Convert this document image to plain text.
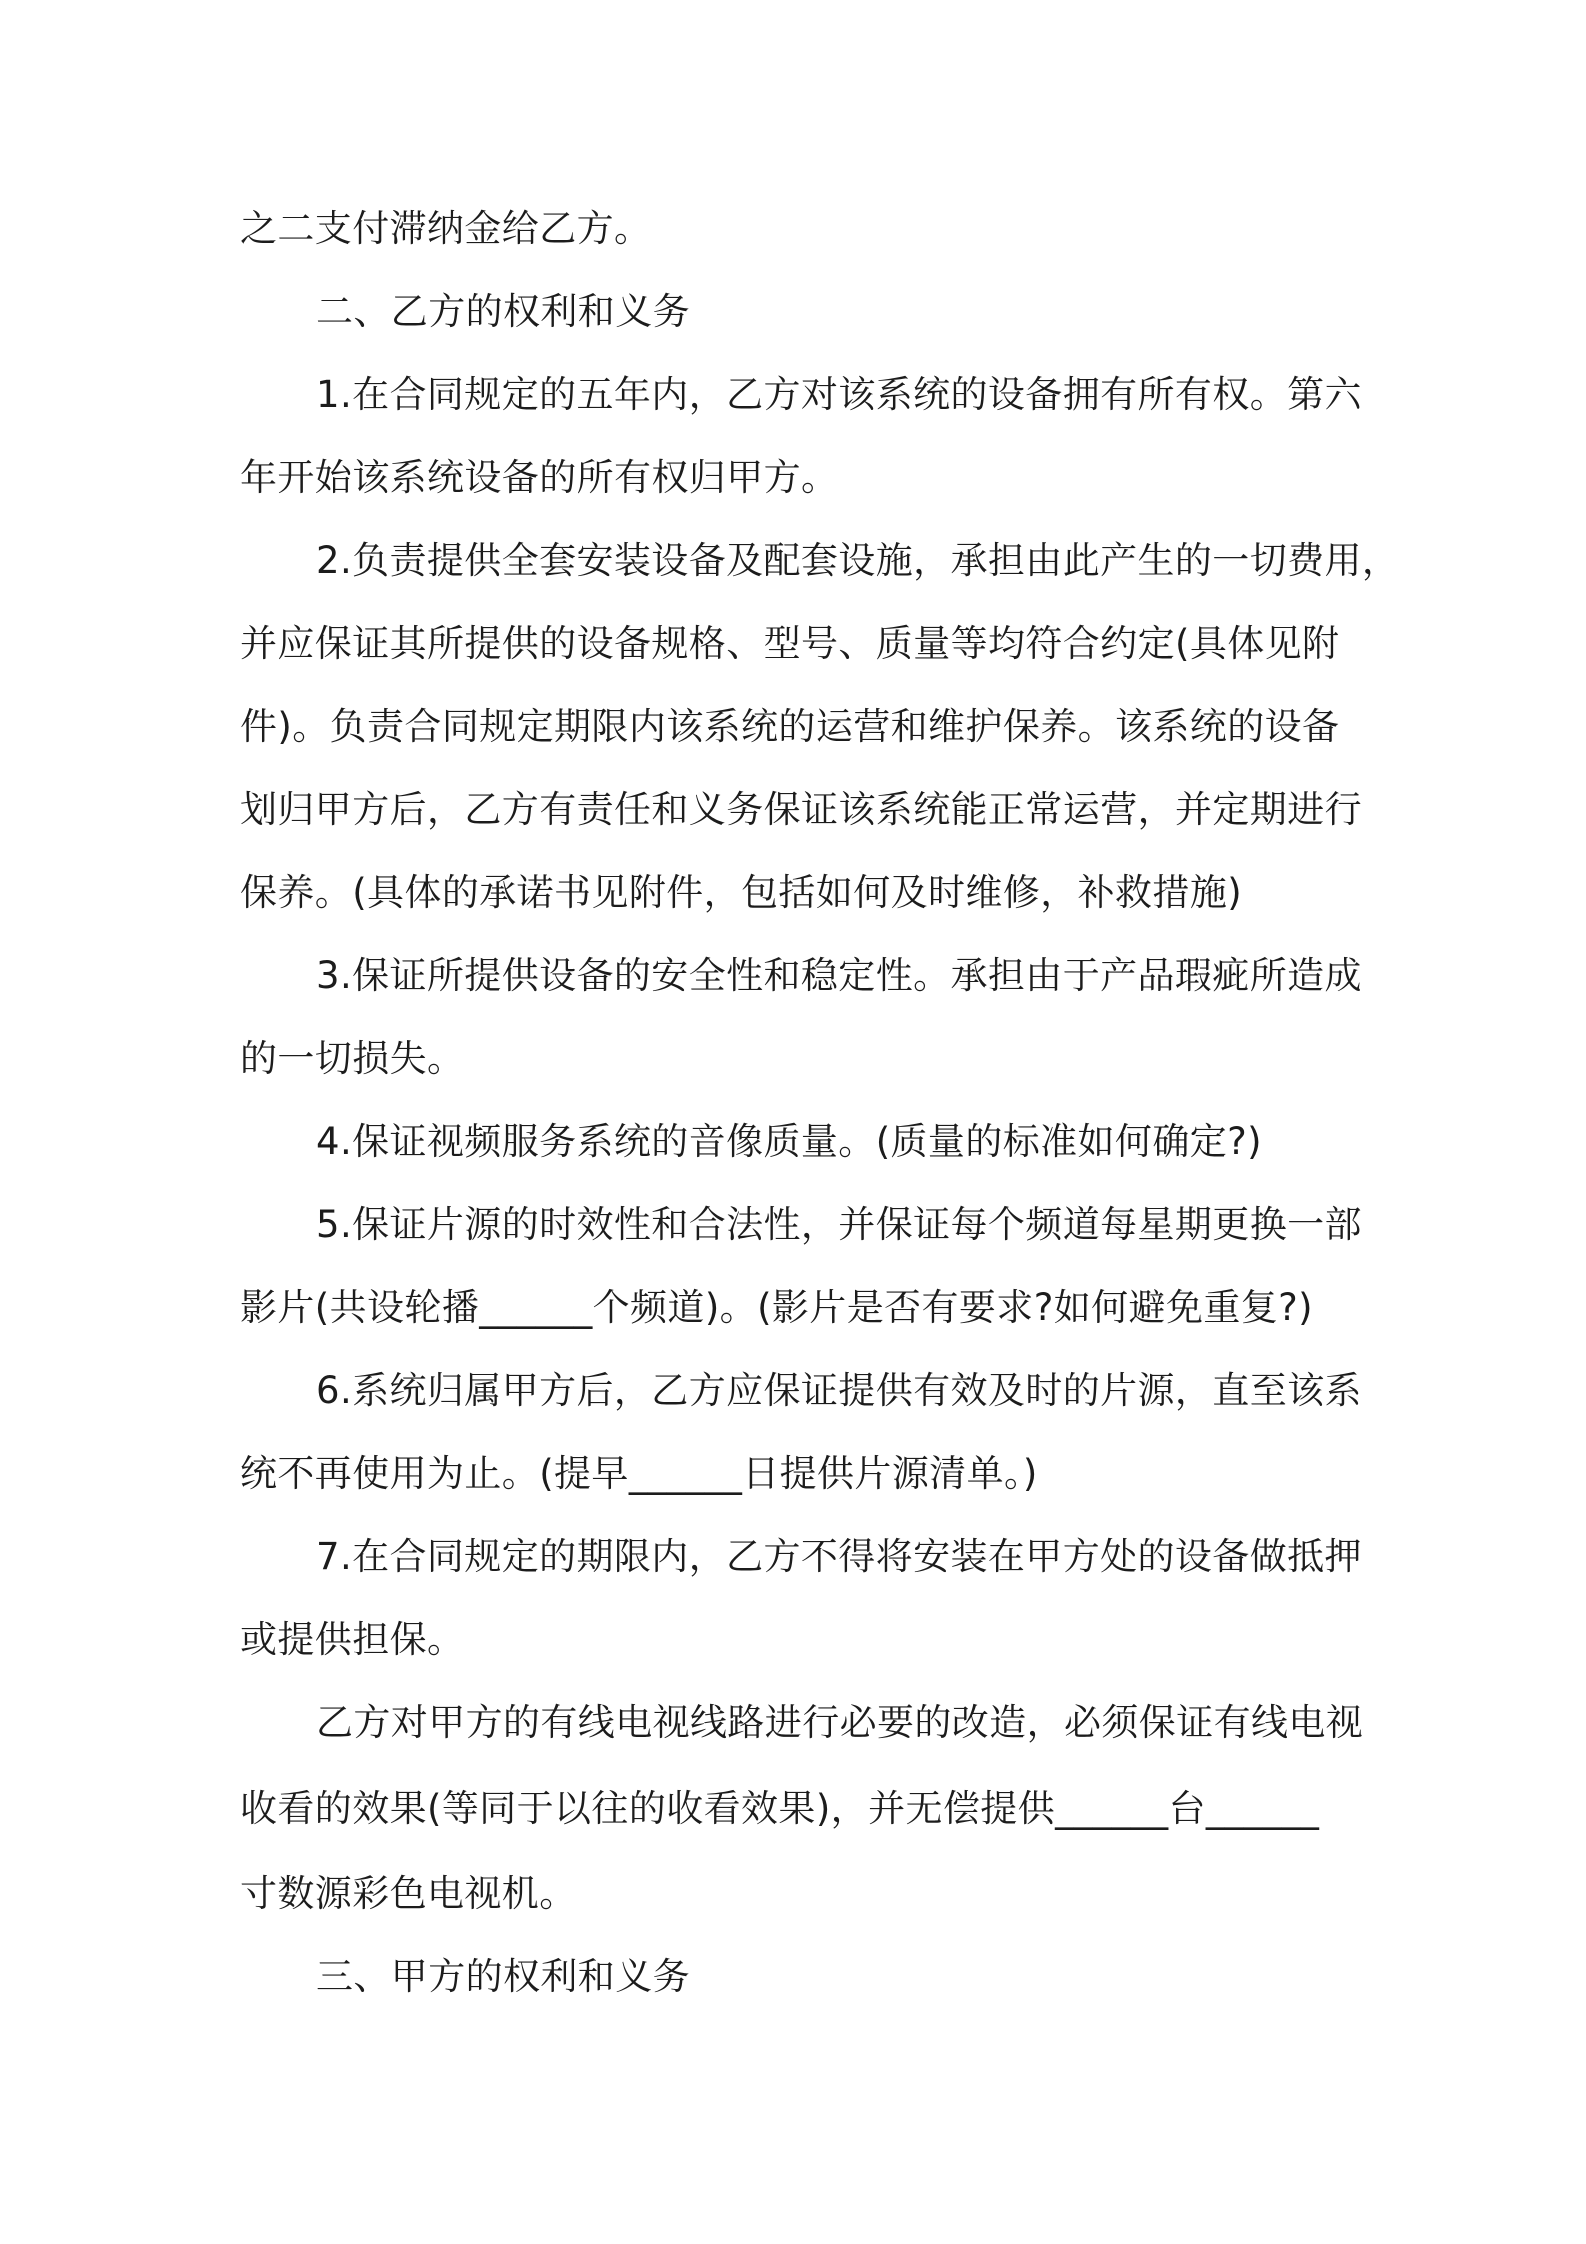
之二支付滞纳金给乙方。
二、乙方的权利和义务
1.在合同规定的五年内，乙方对该系统的设备拥有所有权。第六
年开始该系统设备的所有权归甲方。
2.负责提供全套安装设备及配套设施，承担由此产生的一切费用，
并应保证其所提供的设备规格、型号、质量等均符合约定(具体见附
件)。负责合同规定期限内该系统的运营和维护保养。该系统的设备
划归甲方后，乙方有责任和义务保证该系统能正常运营，并定期进行
保养。(具体的承诺书见附件，包括如何及时维修，补救措施)
3.保证所提供设备的安全性和稳定性。承担由于产品瑕疵所造成
的一切损失。
4.保证视频服务系统的音像质量。(质量的标准如何确定?)
5.保证片源的时效性和合法性，并保证每个频道每星期更换一部
影片(共设轮播______个频道)。(影片是否有要求?如何避免重复?)
6.系统归属甲方后，乙方应保证提供有效及时的片源，直至该系
统不再使用为止。(提早______日提供片源清单。)
7.在合同规定的期限内，乙方不得将安装在甲方处的设备做抵押
或提供担保。
乙方对甲方的有线电视线路进行必要的改造，必须保证有线电视
收看的效果(等同于以往的收看效果)，并无偿提供______台______
寸数源彩色电视机。
三、甲方的权利和义务
